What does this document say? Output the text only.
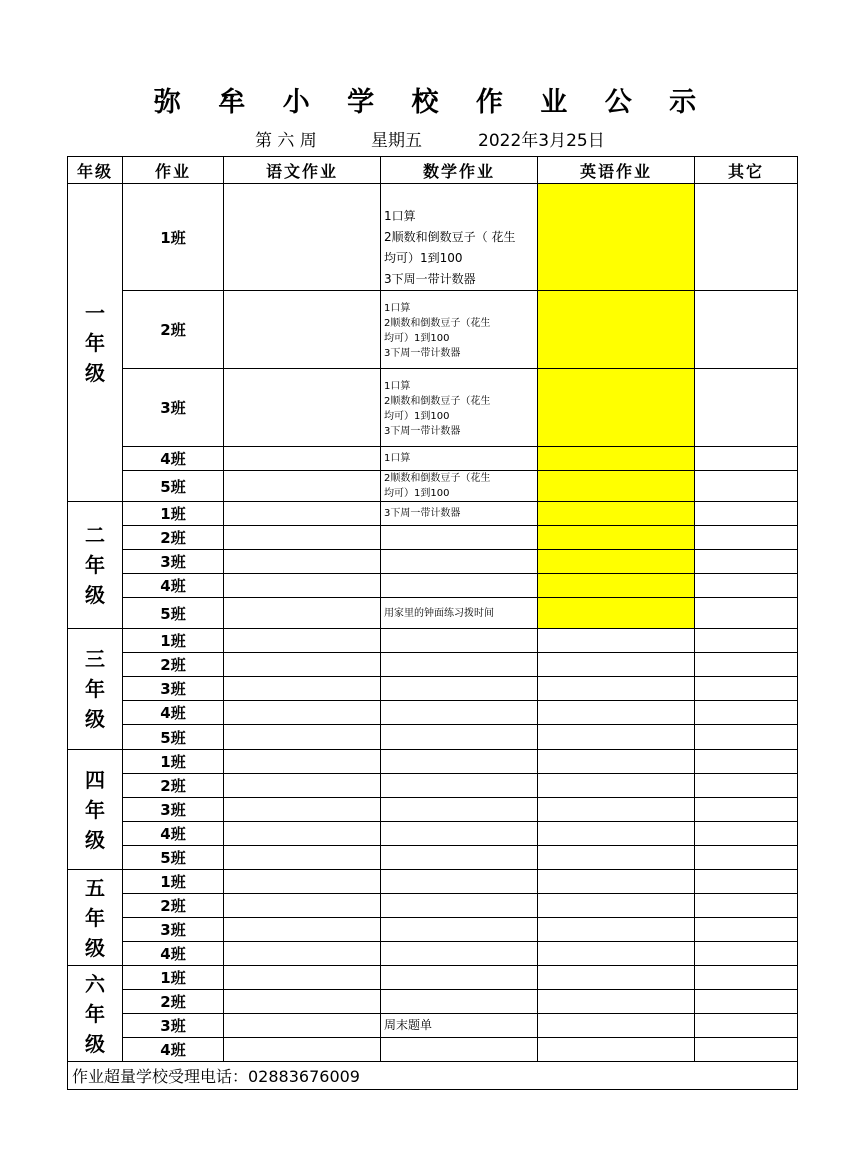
弥 牟 小 学 校 作 业 公 示
第 六 周	星期五	2022年3月25日
年级	作业	语文作业	数学作业	英语作业	其它
一
年
级	1班		1口算
2顺数和倒数豆子（ 花生
均可）1到100
3下周一带计数器		

	2班		1口算
2顺数和倒数豆子（花生
均可）1到100
3下周一带计数器		

	3班		1口算
2顺数和倒数豆子（花生
均可）1到100
3下周一带计数器		

	4班		1口算		
	5班		2顺数和倒数豆子（花生
均可）1到100		

二
年
级	1班		3下周一带计数器		
	2班				
	3班				
	4班				
	5班		用家里的钟面练习拨时间		
三
年
级	1班				
	2班				
	3班				
	4班				
	5班				
四
年
级	1班				
	2班				
	3班				
	4班				
	5班				
五
年
级	1班				
	2班				
	3班				
	4班				
六
年
级	1班				
	2班				
	3班		周末题单		
	4班				
作业超量学校受理电话：02883676009					
